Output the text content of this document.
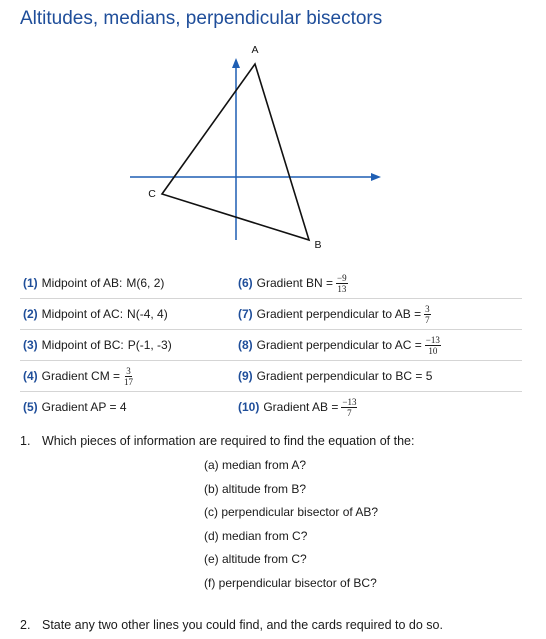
Altitudes, medians, perpendicular bisectors
A
B
C
(1) Midpoint of AB: M(6, 2)	(6) Gradient BN = $\frac{-9}{13}$
(2) Midpoint of AC: N(-4, 4)	(7) Gradient perpendicular to AB = $\frac{3}{7}$
(3) Midpoint of BC: P(-1, -3)	(8) Gradient perpendicular to AC = $\frac{-13}{10}$
(4) Gradient CM = $\frac{3}{17}$	(9) Gradient perpendicular to BC = 5
(5) Gradient AP = 4	(10) Gradient AB = $\frac{-13}{7}$
1. Which pieces of information are required to find the equation of the:
(a) median from A?
(b) altitude from B?
(c) perpendicular bisector of AB?
(d) median from C?
(e) altitude from C?
(f) perpendicular bisector of BC?
2. State any two other lines you could find, and the cards required to do so.
